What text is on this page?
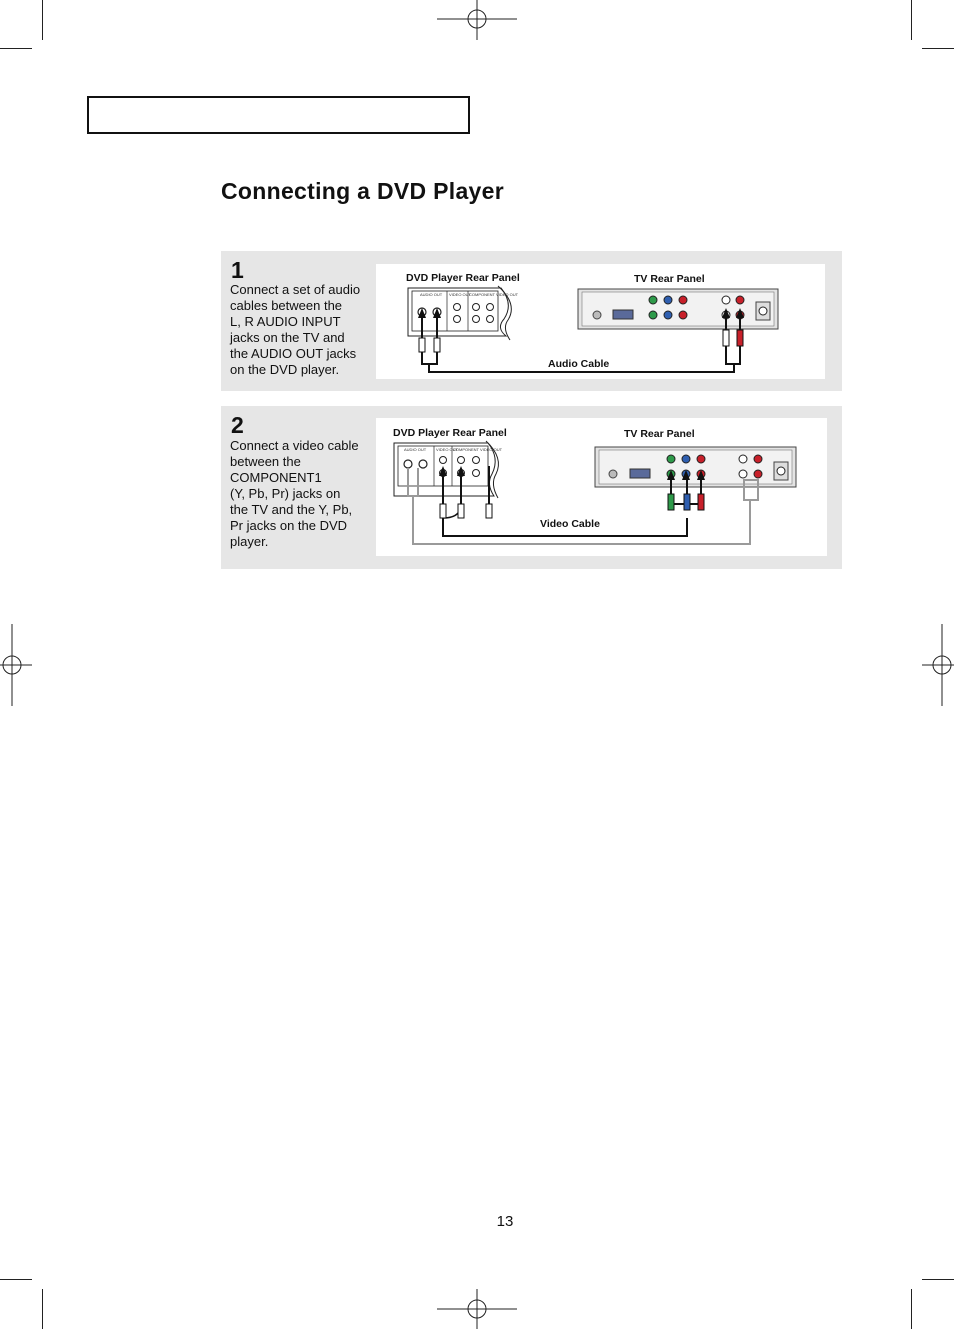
Connecting a DVD Player
1
Connect a set of audio
cables between the
L, R AUDIO INPUT
jacks on the TV and
the AUDIO OUT jacks
on the DVD player.
DVD Player Rear Panel	TV Rear Panel
AUDIO OUT VIDEO OUT
COMPONENT VIDEO OUT
Audio Cable
2
Connect a video cable
between the
COMPONENT1
(Y, Pb, Pr) jacks on
the TV and the Y, Pb,
Pr jacks on the DVD
player.
DVD Player Rear Panel	TV Rear Panel
AUDIO OUT VIDEO OUT
COMPONENT VIDEO OUT
Video Cable
13
